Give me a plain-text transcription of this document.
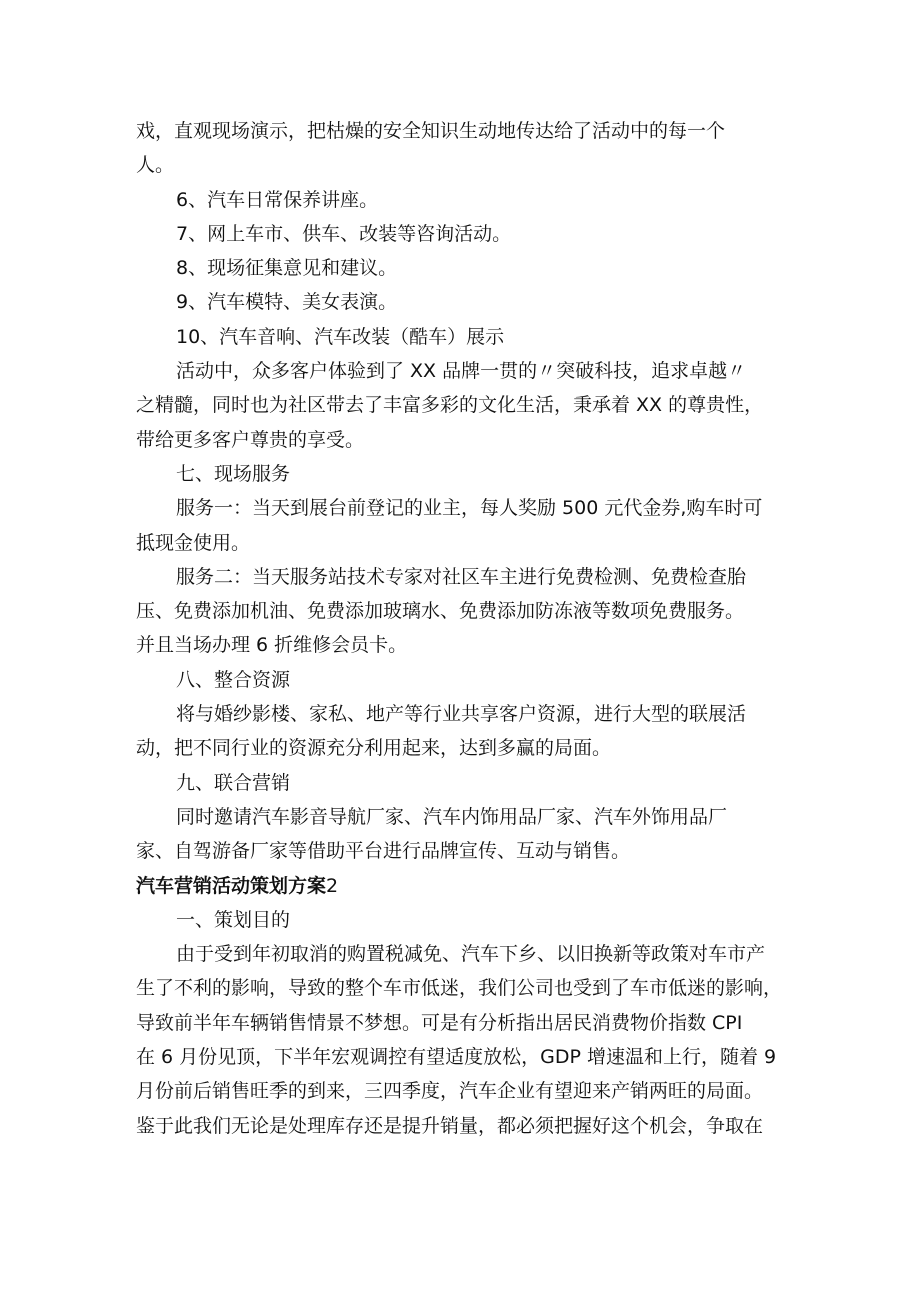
戏，直观现场演示，把枯燥的安全知识生动地传达给了活动中的每一个
人。
6、汽车日常保养讲座。
7、网上车市、供车、改装等咨询活动。
8、现场征集意见和建议。
9、汽车模特、美女表演。
10、汽车音响、汽车改装（酷车）展示
活动中，众多客户体验到了 XX 品牌一贯的〃突破科技，追求卓越〃
之精髓，同时也为社区带去了丰富多彩的文化生活，秉承着 XX 的尊贵性，
带给更多客户尊贵的享受。
七、现场服务
服务一：当天到展台前登记的业主，每人奖励 500 元代金券,购车时可
抵现金使用。
服务二：当天服务站技术专家对社区车主进行免费检测、免费检查胎
压、免费添加机油、免费添加玻璃水、免费添加防冻液等数项免费服务。
并且当场办理 6 折维修会员卡。
八、整合资源
将与婚纱影楼、家私、地产等行业共享客户资源，进行大型的联展活
动，把不同行业的资源充分利用起来，达到多赢的局面。
九、联合营销
同时邀请汽车影音导航厂家、汽车内饰用品厂家、汽车外饰用品厂
家、自驾游备厂家等借助平台进行品牌宣传、互动与销售。
汽车营销活动策划方案2
一、策划目的
由于受到年初取消的购置税减免、汽车下乡、以旧换新等政策对车市产
生了不利的影响，导致的整个车市低迷，我们公司也受到了车市低迷的影响，
导致前半年车辆销售情景不梦想。可是有分析指出居民消费物价指数 CPI
在 6 月份见顶，下半年宏观调控有望适度放松，GDP 增速温和上行，随着 9
月份前后销售旺季的到来，三四季度，汽车企业有望迎来产销两旺的局面。
鉴于此我们无论是处理库存还是提升销量，都必须把握好这个机会，争取在
